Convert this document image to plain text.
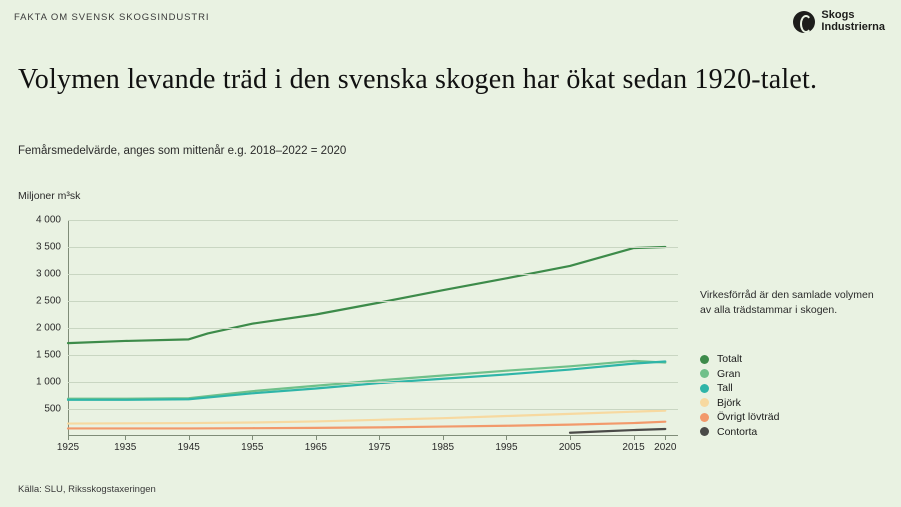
FAKTA OM SVENSK SKOGSINDUSTRI	Skogs
Industrierna
Volymen levande träd i den svenska skogen har ökat sedan 1920-talet.
Femårsmedelvärde, anges som mittenår e.g. 2018–2022 = 2020
Miljoner m³sk
500
1 000
1 500
2 000
2 500
3 000
3 500
4 000
1925	1935	1945	1955	1965	1975	1985	1995	2005	2015 2020
Virkesförråd är den samlade volymen av alla trädstammar i skogen.
Totalt
Gran
Tall
Björk
Övrigt lövträd
Contorta
Källa: SLU, Riksskogstaxeringen
